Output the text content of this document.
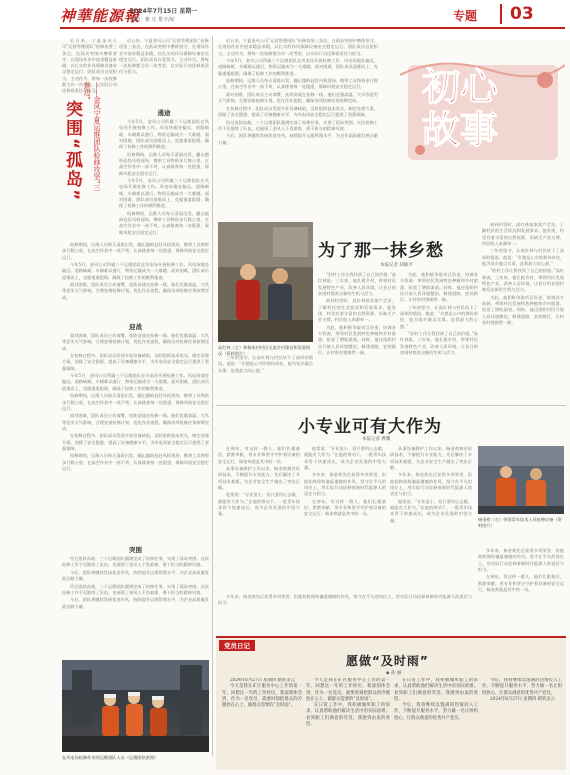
神華能源報
2024年7月15日 星期一
编辑：雅 庄 排字/转	专题	03

近日来，宁夏金风公司“运营管理团队”检修攻坚三条边，在孤岛突围中磨炼坚守，在现场作业中追求精益求精，以扎实的作风保障设备安全稳定运行。团队成员自觉担当，主动作为，将每一次检修都当作一次考验，以实际行动诠释着责任与担当。

突围“孤岛”	——金风宁夏运维团队检修攻坚“三条边”

近日来，宁夏金风公司“运营管理团队”检修攻坚三条边，在孤岛突围中磨炼坚守，在现场作业中追求精益求精，以扎实的作风保障设备安全稳定运行。团队成员自觉担当，主动作为，将每一次检修都当作一次考验，以实际行动诠释着责任与担当。

通途

今年5月，金风公司所属三个运维团队在风电场开展检修工作。风电场地处偏远，道路崎岖，车辆难以通行，物资运输成为一大难题。面对困难，团队成员迎难而上，克服重重阻碍，确保了检修工作的顺利推进。

检修期间，运维人员每天清晨出发，翻山越岭赶赴风机现场，携带工具物资步行数公里，在高空作业中一丝不苟，认真排查每一处隐患，保障风机安全稳定运行。

今年5月，金风公司所属三个运维团队在风电场开展检修工作。风电场地处偏远，道路崎岖，车辆难以通行，物资运输成为一大难题。面对困难，团队成员迎难而上，克服重重阻碍，确保了检修工作的顺利推进。

检修期间，运维人员每天清晨出发，翻山越岭赶赴风机现场，携带工具物资步行数公里，在高空作业中一丝不苟，认真排查每一处隐患，保障风机安全稳定运行。

检修期间，运维人员每天清晨出发，翻山越岭赶赴风机现场，携带工具物资步行数公里，在高空作业中一丝不苟，认真排查每一处隐患，保障风机安全稳定运行。

今年5月，金风公司所属三个运维团队在风电场开展检修工作。风电场地处偏远，道路崎岖，车辆难以通行，物资运输成为一大难题。面对困难，团队成员迎难而上，克服重重阻碍，确保了检修工作的顺利推进。

面对困难，团队成员主动请缨，连续奋战在检修一线。他们克服高温、大风等恶劣天气影响，合理安排检修计划，优化作业流程，确保各项检修任务按期完成。

迎战

面对困难，团队成员主动请缨，连续奋战在检修一线。他们克服高温、大风等恶劣天气影响，合理安排检修计划，优化作业流程，确保各项检修任务按期完成。

在检修过程中，团队成员发现多处设备缺陷，及时组织技术攻关，制定处理方案，消除了安全隐患，提高了设备健康水平，为风电场安全稳定运行提供了坚强保障。

今年5月，金风公司所属三个运维团队在风电场开展检修工作。风电场地处偏远，道路崎岖，车辆难以通行，物资运输成为一大难题。面对困难，团队成员迎难而上，克服重重阻碍，确保了检修工作的顺利推进。

检修期间，运维人员每天清晨出发，翻山越岭赶赴风机现场，携带工具物资步行数公里，在高空作业中一丝不苟，认真排查每一处隐患，保障风机安全稳定运行。

面对困难，团队成员主动请缨，连续奋战在检修一线。他们克服高温、大风等恶劣天气影响，合理安排检修计划，优化作业流程，确保各项检修任务按期完成。

在检修过程中，团队成员发现多处设备缺陷，及时组织技术攻关，制定处理方案，消除了安全隐患，提高了设备健康水平，为风电场安全稳定运行提供了坚强保障。

检修期间，运维人员每天清晨出发，翻山越岭赶赴风机现场，携带工具物资步行数公里，在高空作业中一丝不苟，认真排查每一处隐患，保障风机安全稳定运行。

突围

经过连续奋战，三个运维团队圆满完成了检修任务，实现了孤岛突围。这次检修工作不仅锻炼了队伍，也展现了金风人不畏艰难、勇于担当的精神风貌。

今后，团队将继续发扬优良作风，持续提升运维管理水平，为企业高质量发展贡献力量。

经过连续奋战，三个运维团队圆满完成了检修任务，实现了孤岛突围。这次检修工作不仅锻炼了队伍，也展现了金风人不畏艰难、勇于担当的精神风貌。

今后，团队将继续发扬优良作风，持续提升运维管理水平，为企业高质量发展贡献力量。

在风电场检修作业的运维团队人员（运维团队供图）

近日来，宁夏金风公司“运营管理团队”检修攻坚三条边，在孤岛突围中磨炼坚守，在现场作业中追求精益求精，以扎实的作风保障设备安全稳定运行。团队成员自觉担当，主动作为，将每一次检修都当作一次考验，以实际行动诠释着责任与担当。

今年5月，金风公司所属三个运维团队在风电场开展检修工作。风电场地处偏远，道路崎岖，车辆难以通行，物资运输成为一大难题。面对困难，团队成员迎难而上，克服重重阻碍，确保了检修工作的顺利推进。

检修期间，运维人员每天清晨出发，翻山越岭赶赴风机现场，携带工具物资步行数公里，在高空作业中一丝不苟，认真排查每一处隐患，保障风机安全稳定运行。

面对困难，团队成员主动请缨，连续奋战在检修一线。他们克服高温、大风等恶劣天气影响，合理安排检修计划，优化作业流程，确保各项检修任务按期完成。

在检修过程中，团队成员发现多处设备缺陷，及时组织技术攻关，制定处理方案，消除了安全隐患，提高了设备健康水平，为风电场安全稳定运行提供了坚强保障。

经过连续奋战，三个运维团队圆满完成了检修任务，实现了孤岛突围。这次检修工作不仅锻炼了队伍，也展现了金风人不畏艰难、勇于担当的精神风貌。

今后，团队将继续发扬优良作风，持续提升运维管理水平，为企业高质量发展贡献力量。

初心
故事
为了那一抹乡愁
本报记者 胡敏平
高红林（左）和杨家村村民交流乡村建设和发展情况（资料图片）

“驻村工作让我找到了自己的价值。”高红林说。三年来，他扎根乡村，带领村民发展特色产业，改善人居环境，让昔日的贫困村焕发出新的生机与活力。

初到村里时，高红林挨家挨户走访，了解村民的生活状况和发展需求。他发现，村里有着丰富的自然资源，但缺乏产业支撑，村民收入来源单一。

为此，他积极争取项目资金，协调各方资源，带领村民发展特色种植和乡村旅游，拓宽了增收渠道。同时，他还组织村民开展人居环境整治，修建道路、安装路灯，让村容村貌焕然一新。

为此，他积极争取项目资金，协调各方资源，带领村民发展特色种植和乡村旅游，拓宽了增收渠道。同时，他还组织村民开展人居环境整治，修建道路、安装路灯，让村容村貌焕然一新。

三年的坚守，让高红林与村民结下了深厚的情谊。他说：“乡愁是心中的那份牵挂，能为家乡做点实事，是我最大的心愿。”

“驻村工作让我找到了自己的价值。”高红林说。三年来，他扎根乡村，带领村民发展特色产业，改善人居环境，让昔日的贫困村焕发出新的生机与活力。

初到村里时，高红林挨家挨户走访，了解村民的生活状况和发展需求。他发现，村里有着丰富的自然资源，但缺乏产业支撑，村民收入来源单一。

三年的坚守，让高红林与村民结下了深厚的情谊。他说：“乡愁是心中的那份牵挂，能为家乡做点实事，是我最大的心愿。”

“驻村工作让我找到了自己的价值。”高红林说。三年来，他扎根乡村，带领村民发展特色产业，改善人居环境，让昔日的贫困村焕发出新的生机与活力。

为此，他积极争取项目资金，协调各方资源，带领村民发展特色种植和乡村旅游，拓宽了增收渠道。同时，他还组织村民开展人居环境整治，修建道路、安装路灯，让村容村貌焕然一新。

三年的坚守，让高红林与村民结下了深厚的情谊。他说：“乡愁是心中的那份牵挂，能为家乡做点实事，是我最大的心愿。”

小专业可有大作为
本报记者 曹馨

在神东，有这样一群人，他们扎根基层，默默奉献，用专业和坚守守护着设备的安全运行。杨金欢就是其中的一员。

从事设备维护工作以来，杨金欢刻苦钻研技术，不断提升专业能力，先后解决了多项技术难题，为企业安全生产做出了突出贡献。

他常说：“专业虽小，但只要用心去做，就能有大作为。”在他的带动下，一批青年技术骨干快速成长，成为企业发展的中坚力量。

他常说：“专业虽小，但只要用心去做，就能有大作为。”在他的带动下，一批青年技术骨干快速成长，成为企业发展的中坚力量。

多年来，杨金欢先后获得多项荣誉，但他始终保持谦虚谨慎的作风，坚守在平凡的岗位上，用实际行动诠释着新时代能源人的责任与担当。

在神东，有这样一群人，他们扎根基层，默默奉献，用专业和坚守守护着设备的安全运行。杨金欢就是其中的一员。

从事设备维护工作以来，杨金欢刻苦钻研技术，不断提升专业能力，先后解决了多项技术难题，为企业安全生产做出了突出贡献。

多年来，杨金欢先后获得多项荣誉，但他始终保持谦虚谨慎的作风，坚守在平凡的岗位上，用实际行动诠释着新时代能源人的责任与担当。

他常说：“专业虽小，但只要用心去做，就能有大作为。”在他的带动下，一批青年技术骨干快速成长，成为企业发展的中坚力量。	杨金欢（右）带领青年技术人员检修设备（资料图片）

多年来，杨金欢先后获得多项荣誉，但他始终保持谦虚谨慎的作风，坚守在平凡的岗位上，用实际行动诠释着新时代能源人的责任与担当。

在神东，有这样一群人，他们扎根基层，默默奉献，用专业和坚守守护着设备的安全运行。杨金欢就是其中的一员。

多年来，杨金欢先后获得多项荣誉，但他始终保持谦虚谨慎的作风，坚守在平凡的岗位上，用实际行动诠释着新时代能源人的责任与担当。

党员日记
愿做“及时雨”
◆ 孙 丽

2024年6月27日 星期四 晴转多云

今天是我在矿区服务中心工作的第一年。回想这一年的工作经历，我深刻体会到，作为一名党员，就要时刻把群众的冷暖放在心上，做群众需要的“及时雨”。

今天是我在矿区服务中心工作的第一年。回想这一年的工作经历，我深刻体会到，作为一名党员，就要时刻把群众的冷暖放在心上，做群众需要的“及时雨”。

在日常工作中，我积极倾听职工的诉求，认真帮助他们解决生活中的实际困难。看到职工们满意的笑容，我感到由衷的欣慰。

在日常工作中，我积极倾听职工的诉求，认真帮助他们解决生活中的实际困难。看到职工们满意的笑容，我感到由衷的欣慰。

今后，我将继续以饱满的热情投入工作，不断提升服务水平，努力做一名让组织放心、让群众满意的优秀共产党员。

今后，我将继续以饱满的热情投入工作，不断提升服务水平，努力做一名让组织放心、让群众满意的优秀共产党员。

2024年6月27日 星期四 晴转多云
